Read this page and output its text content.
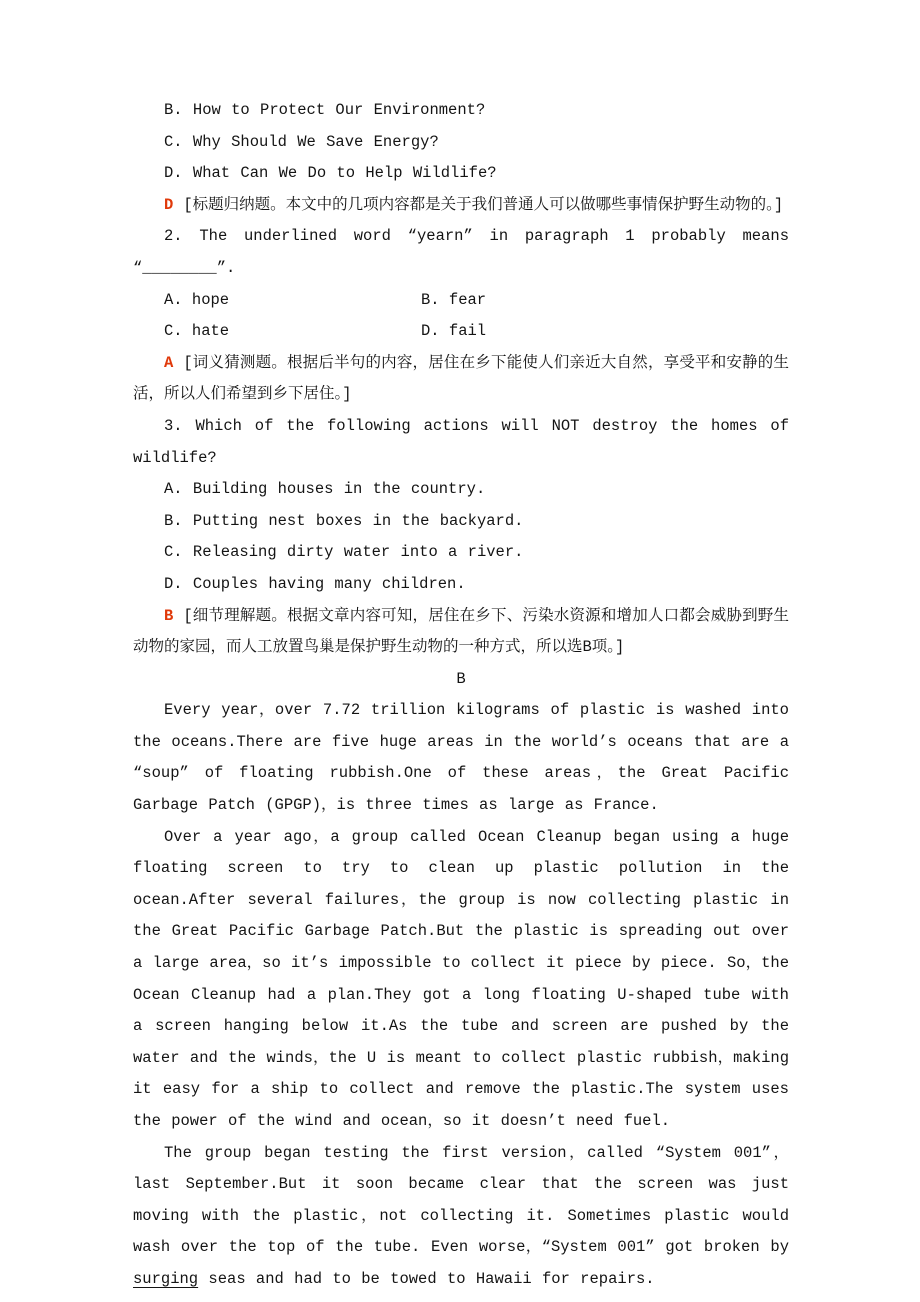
B. How to Protect Our Environment?

C. Why Should We Save Energy?

D. What Can We Do to Help Wildlife?

D [标题归纳题。本文中的几项内容都是关于我们普通人可以做哪些事情保护野生动物的。]

2. The underlined word “yearn” in paragraph 1 probably means “________”.

A. hope	B. fear

C. hate	D. fail

A [词义猜测题。根据后半句的内容，居住在乡下能使人们亲近大自然，享受平和安静的生活，所以人们希望到乡下居住。]

3. Which of the following actions will NOT destroy the homes of wildlife?

A. Building houses in the country.

B. Putting nest boxes in the backyard.

C. Releasing dirty water into a river.

D. Couples having many children.

B [细节理解题。根据文章内容可知，居住在乡下、污染水资源和增加人口都会威胁到野生动物的家园，而人工放置鸟巢是保护野生动物的一种方式，所以选B项。]

B

Every year，over 7.72 trillion kilograms of plastic is washed into the oceans.There are five huge areas in the world’s oceans that are a “soup” of floating rubbish.One of these areas，the Great Pacific Garbage Patch (GPGP)，is three times as large as France.

Over a year ago，a group called Ocean Cleanup began using a huge floating screen to try to clean up plastic pollution in the ocean.After several failures，the group is now collecting plastic in the Great Pacific Garbage Patch.But the plastic is spreading out over a large area，so it’s impossible to collect it piece by piece. So，the Ocean Cleanup had a plan.They got a long floating U-shaped tube with a screen hanging below it.As the tube and screen are pushed by the water and the winds，the U is meant to collect plastic rubbish，making it easy for a ship to collect and remove the plastic.The system uses the power of the wind and ocean，so it doesn’t need fuel.

The group began testing the first version，called “System 001”，last September.But it soon became clear that the screen was just moving with the plastic，not collecting it. Sometimes plastic would wash over the top of the tube. Even worse，“System 001” got broken by surging seas and had to be towed to Hawaii for repairs.
